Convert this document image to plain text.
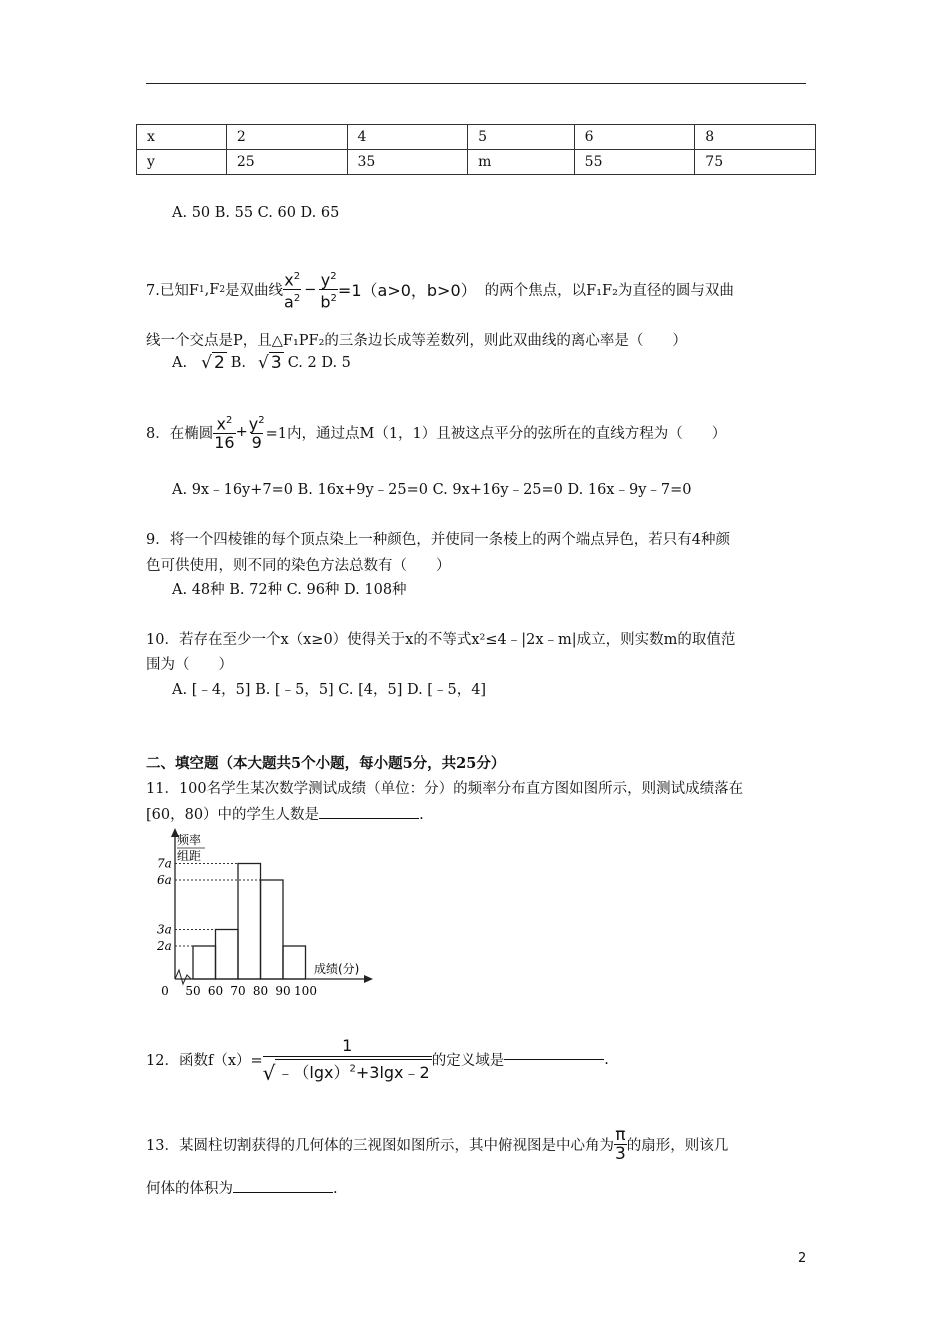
x	2	4	5	6	8
y	25	35	m	55	75
A. 50 B. 55 C. 60 D. 65
7.已知F 1 ,F 2 是双曲线 $\frac{x^2}{a^2} - \frac{y^2}{b^2} =1(a>0$，b>0） 的两个焦点，以F₁F₂为直径的圆与双曲
线一个交点是P，且△F₁PF₂的三条边长成等差数列，则此双曲线的离心率是（　　）
A. √ 2 B. √ 3 C. 2 D. 5
8．在椭圆 $\frac{x^2}{16} + \frac{y^2}{9} =1$内，通过点M（1，1）且被这点平分的弦所在的直线方程为（　　）
A. 9x﹣16y+7=0 B. 16x+9y﹣25=0 C. 9x+16y﹣25=0 D. 16x﹣9y﹣7=0
9．将一个四棱锥的每个顶点染上一种颜色，并使同一条棱上的两个端点异色，若只有4种颜
色可供使用，则不同的染色方法总数有（　　）
A. 48种 B. 72种 C. 96种 D. 108种
10．若存在至少一个x（x≥0）使得关于x的不等式x²≤4﹣|2x﹣m|成立，则实数m的取值范
围为（　　）
A. [﹣4，5] B. [﹣5，5] C. [4，5] D. [﹣5，4]
二、填空题（本大题共5个小题，每小题5分，共25分）
11．100名学生某次数学测试成绩（单位：分）的频率分布直方图如图所示，则测试成绩落在
[60，80）中的学生人数是	.
频率
组距
2a
3a
6a
7a
0 50 60 70 80 90 100
成绩(分)
12．函数$f(x)= \frac{1}{√ ﹣(\lg x)^2+3\lg x﹣2}$ 的定义域是	.
13．某圆柱切割获得的几何体的三视图如图所示，其中俯视图是中心角为 $\frac{\pi}{3}$ 的扇形，则该几
何体的体积为	.
2
